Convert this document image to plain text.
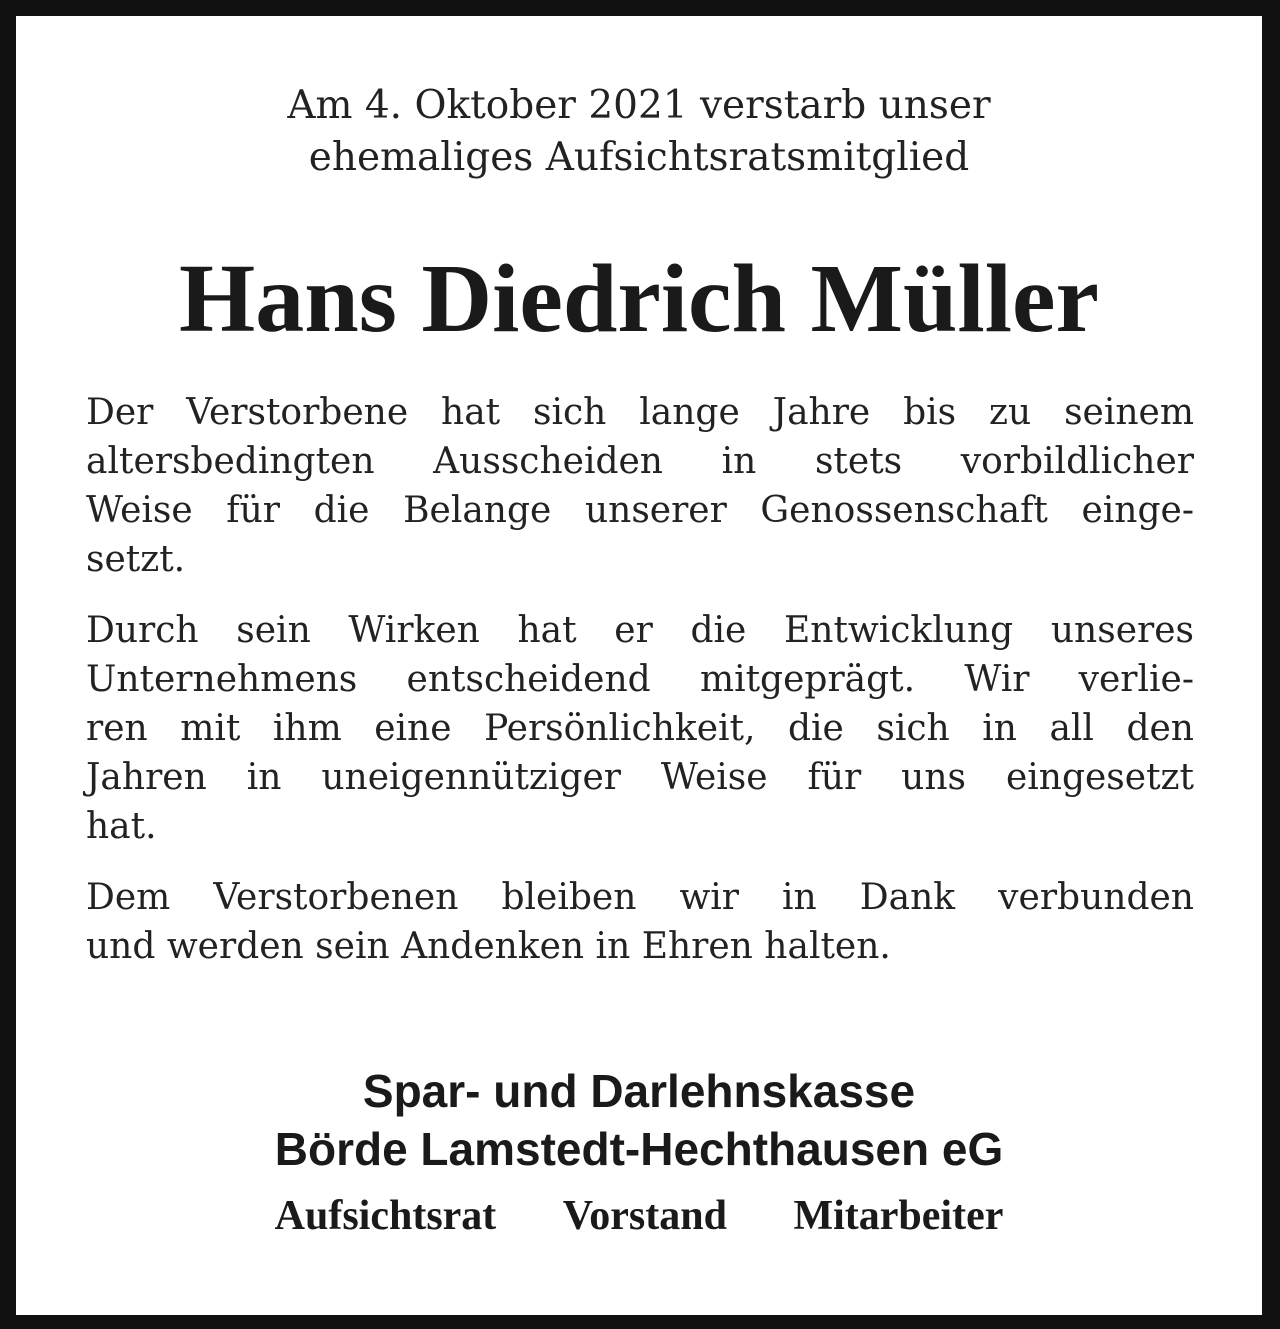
Am 4. Oktober 2021 verstarb unser
ehemaliges Aufsichtsratsmitglied
Hans Diedrich Müller
Der Verstorbene hat sich lange Jahre bis zu seinem
altersbedingten Ausscheiden in stets vorbildlicher
Weise für die Belange unserer Genossenschaft einge-
setzt.
Durch sein Wirken hat er die Entwicklung unseres
Unternehmens entscheidend mitgeprägt. Wir verlie-
ren mit ihm eine Persönlichkeit, die sich in all den
Jahren in uneigennütziger Weise für uns eingesetzt
hat.
Dem Verstorbenen bleiben wir in Dank verbunden
und werden sein Andenken in Ehren halten.
Spar- und Darlehnskasse
Börde Lamstedt-Hechthausen eG
Aufsichtsrat Vorstand Mitarbeiter
